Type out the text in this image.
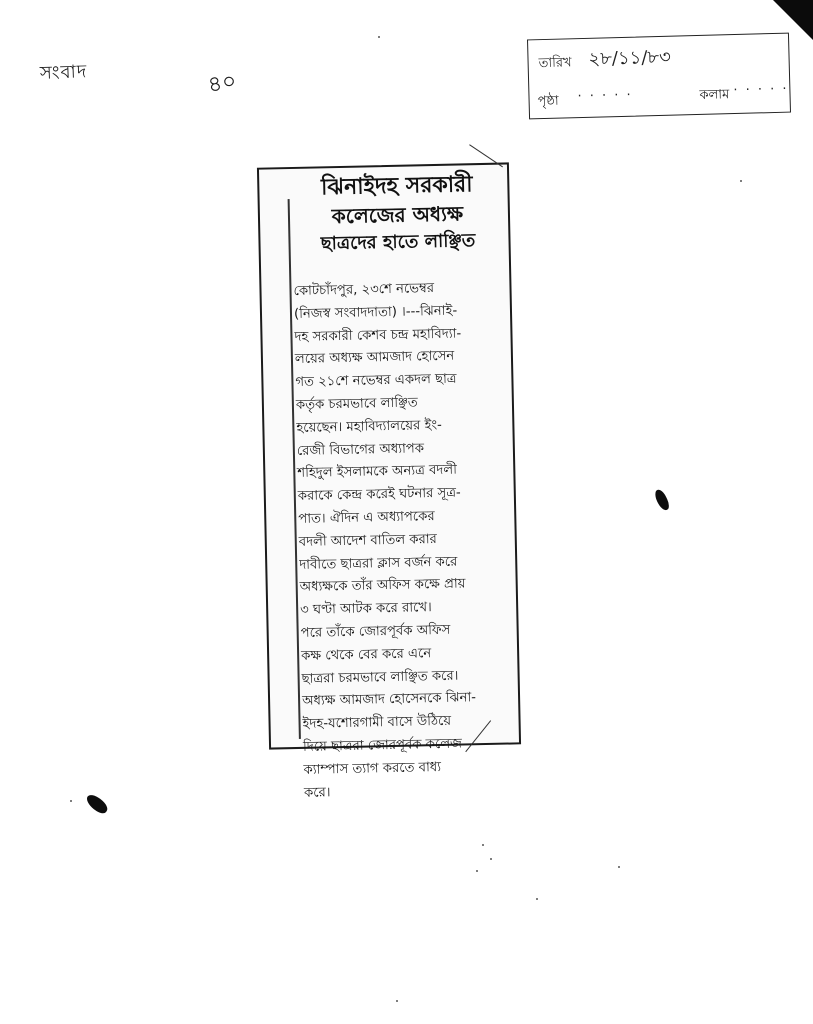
সংবাদ	৪০
তারিখ ২৮/১১/৮৩
পৃষ্ঠা · · · · ·	কলাম · · · · ·
ঝিনাইদহ সরকারী
কলেজের অধ্যক্ষ
ছাত্রদের হাতে লাঞ্ছিত
কোটচাঁদপুর, ২৩শে নভেম্বর
(নিজস্ব সংবাদদাতা) ।---ঝিনাই-
দহ সরকারী কেশব চন্দ্র মহাবিদ্যা-
লয়ের অধ্যক্ষ আমজাদ হোসেন
গত ২১শে নভেম্বর একদল ছাত্র
কর্তৃক চরমভাবে লাঞ্ছিত
হয়েছেন। মহাবিদ্যালয়ের ইং-
রেজী বিভাগের অধ্যাপক
শহিদুল ইসলামকে অন্যত্র বদলী
করাকে কেন্দ্র করেই ঘটনার সূত্র-
পাত। ঐদিন এ অধ্যাপকের
বদলী আদেশ বাতিল করার
দাবীতে ছাত্ররা ক্লাস বর্জন করে
অধ্যক্ষকে তাঁর অফিস কক্ষে প্রায়
৩ ঘণ্টা আটক করে রাখে।
পরে তাঁকে জোরপূর্বক অফিস
কক্ষ থেকে বের করে এনে
ছাত্ররা চরমভাবে লাঞ্ছিত করে।
অধ্যক্ষ আমজাদ হোসেনকে ঝিনা-
ইদহ-যশোরগামী বাসে উঠিয়ে
দিয়ে ছাত্ররা জোরপূর্বক কলেজ
ক্যাম্পাস ত্যাগ করতে বাধ্য
করে।
